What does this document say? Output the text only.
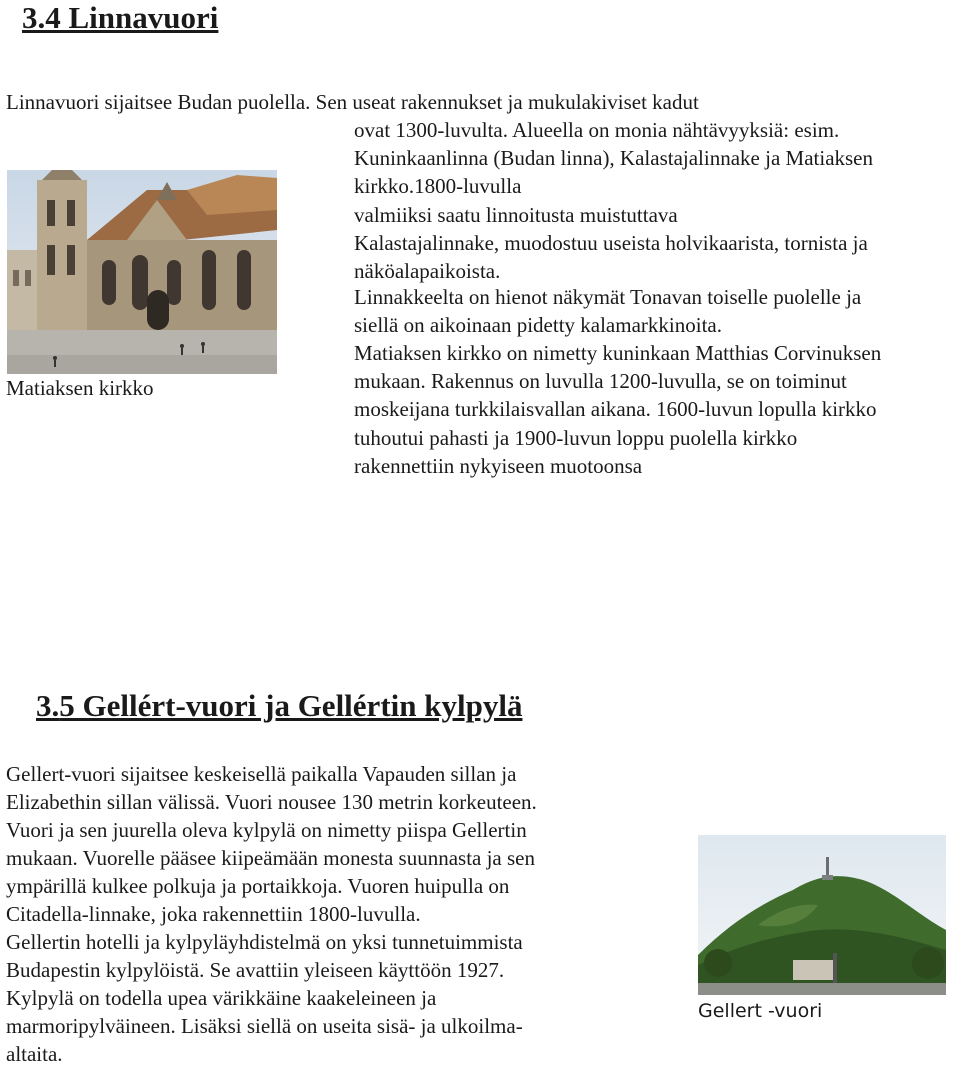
3.4 Linnavuori
Linnavuori sijaitsee Budan puolella. Sen useat rakennukset ja mukulakiviset kadut
ovat 1300-luvulta. Alueella on monia nähtävyyksiä: esim.
Kuninkaanlinna (Budan linna), Kalastajalinnake ja Matiaksen
kirkko.1800-luvulla
valmiiksi saatu linnoitusta muistuttava
Kalastajalinnake, muodostuu useista holvikaarista, tornista ja
näköalapaikoista.
Linnakkeelta on hienot näkymät Tonavan toiselle puolelle ja
siellä on aikoinaan pidetty kalamarkkinoita.
Matiaksen kirkko on nimetty kuninkaan Matthias Corvinuksen
mukaan. Rakennus on luvulla 1200-luvulla, se on toiminut
moskeijana turkkilaisvallan aikana. 1600-luvun lopulla kirkko
tuhoutui pahasti ja 1900-luvun loppu puolella kirkko
rakennettiin nykyiseen muotoonsa
Matiaksen kirkko
3.5 Gellért-vuori ja Gellértin kylpylä
Gellert-vuori sijaitsee keskeisellä paikalla Vapauden sillan ja
Elizabethin sillan välissä. Vuori nousee 130 metrin korkeuteen.
Vuori ja sen juurella oleva kylpylä on nimetty piispa Gellertin
mukaan. Vuorelle pääsee kiipeämään monesta suunnasta ja sen
ympärillä kulkee polkuja ja portaikkoja. Vuoren huipulla on
Citadella-linnake, joka rakennettiin 1800-luvulla.
Gellertin hotelli ja kylpyläyhdistelmä on yksi tunnetuimmista
Budapestin kylpylöistä. Se avattiin yleiseen käyttöön 1927.
Kylpylä on todella upea värikkäine kaakeleineen ja
marmoripylväineen. Lisäksi siellä on useita sisä- ja ulkoilma-
altaita.
Gellert -vuori
